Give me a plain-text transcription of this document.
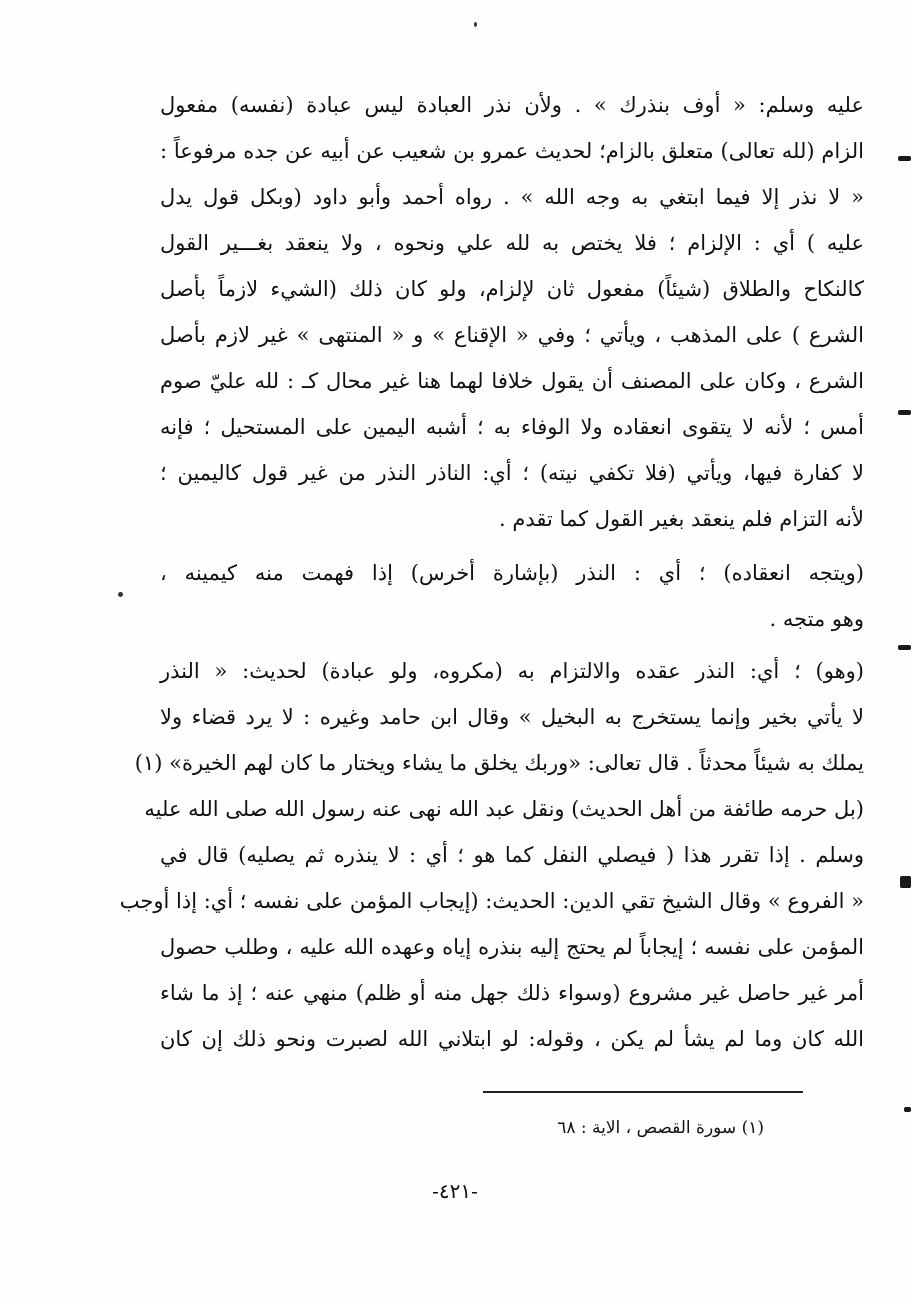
عليه وسلم: « أوف بنذرك » . ولأن نذر العبادة ليس عبادة (نفسه) مفعول
الزام (لله تعالى) متعلق بالزام؛ لحديث عمرو بن شعيب عن أبيه عن جده مرفوعاً :
« لا نذر إلا فيما ابتغي به وجه الله » . رواه أحمد وأبو داود (وبكل قول يدل
عليه ) أي : الإلزام ؛ فلا يختص به لله علي ونحوه ، ولا ينعقد بغـــير القول
كالنكاح والطلاق (شيئاً) مفعول ثان لإلزام، ولو كان ذلك (الشيء لازماً بأصل
الشرع ) على المذهب ، ويأتي ؛ وفي « الإقناع » و « المنتهى » غير لازم بأصل
الشرع ، وكان على المصنف أن يقول خلافا لهما هنا غير محال كـ : لله عليّ صوم
أمس ؛ لأنه لا يتقوى انعقاده ولا الوفاء به ؛ أشبه اليمين على المستحيل ؛ فإنه
لا كفارة فيها، ويأتي (فلا تكفي نيته) ؛ أي: الناذر النذر من غير قول كاليمين ؛
لأنه التزام فلم ينعقد بغير القول كما تقدم .
(ويتجه انعقاده) ؛ أي : النذر (بإشارة أخرس) إذا فهمت منه كيمينه ،
وهو متجه .
(وهو) ؛ أي: النذر عقده والالتزام به (مكروه، ولو عبادة) لحديث: « النذر
لا يأتي بخير وإنما يستخرج به البخيل » وقال ابن حامد وغيره : لا يرد قضاء ولا
يملك به شيئاً محدثاً . قال تعالى: «وربك يخلق ما يشاء ويختار ما كان لهم الخيرة» (١)
(بل حرمه طائفة من أهل الحديث) ونقل عبد الله نهى عنه رسول الله صلى الله عليه
وسلم . إذا تقرر هذا ( فيصلي النفل كما هو ؛ أي : لا ينذره ثم يصليه) قال في
« الفروع » وقال الشيخ تقي الدين: الحديث: (إيجاب المؤمن على نفسه ؛ أي: إذا أوجب
المؤمن على نفسه ؛ إيجاباً لم يحتج إليه بنذره إياه وعهده الله عليه ، وطلب حصول
أمر غير حاصل غير مشروع (وسواء ذلك جهل منه أو ظلم) منهي عنه ؛ إذ ما شاء
الله كان وما لم يشأ لم يكن ، وقوله: لو ابتلاني الله لصبرت ونحو ذلك إن كان
(١) سورة القصص ، الاية : ٦٨
-٤٢١-
